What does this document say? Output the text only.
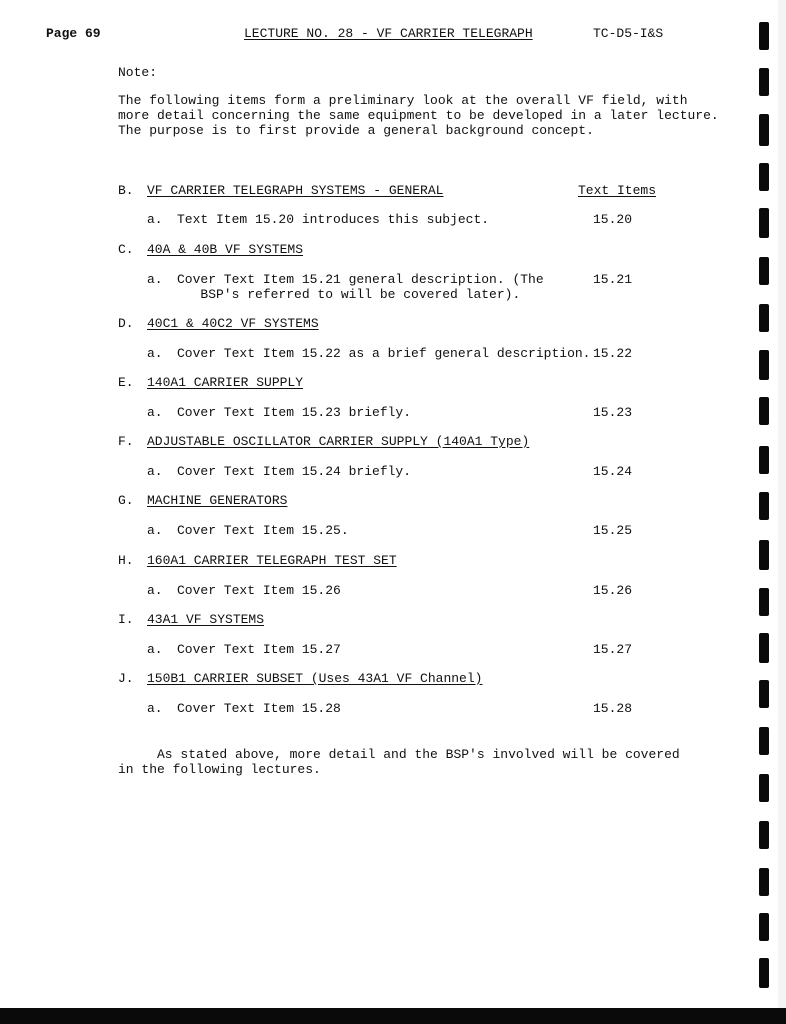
Page 69	LECTURE NO. 28 - VF CARRIER TELEGRAPH	TC-D5-I&S
Note:
The following items form a preliminary look at the overall VF field, with
more detail concerning the same equipment to be developed in a later lecture.
The purpose is to first provide a general background concept.
Text Items
B. VF CARRIER TELEGRAPH SYSTEMS - GENERAL
a. Text Item 15.20 introduces this subject.	15.20
C. 40A & 40B VF SYSTEMS
a. Cover Text Item 15.21 general description. (The
BSP's referred to will be covered later).
15.21
D. 40C1 & 40C2 VF SYSTEMS
a. Cover Text Item 15.22 as a brief general description. 15.22
E. 140A1 CARRIER SUPPLY
a. Cover Text Item 15.23 briefly.	15.23
F. ADJUSTABLE OSCILLATOR CARRIER SUPPLY (140A1 Type)
a. Cover Text Item 15.24 briefly.	15.24
G. MACHINE GENERATORS
a. Cover Text Item 15.25.	15.25
H. 160A1 CARRIER TELEGRAPH TEST SET
a. Cover Text Item 15.26	15.26
I. 43A1 VF SYSTEMS
a. Cover Text Item 15.27	15.27
J. 150B1 CARRIER SUBSET (Uses 43A1 VF Channel)
a. Cover Text Item 15.28	15.28
As stated above, more detail and the BSP's involved will be covered
in the following lectures.
